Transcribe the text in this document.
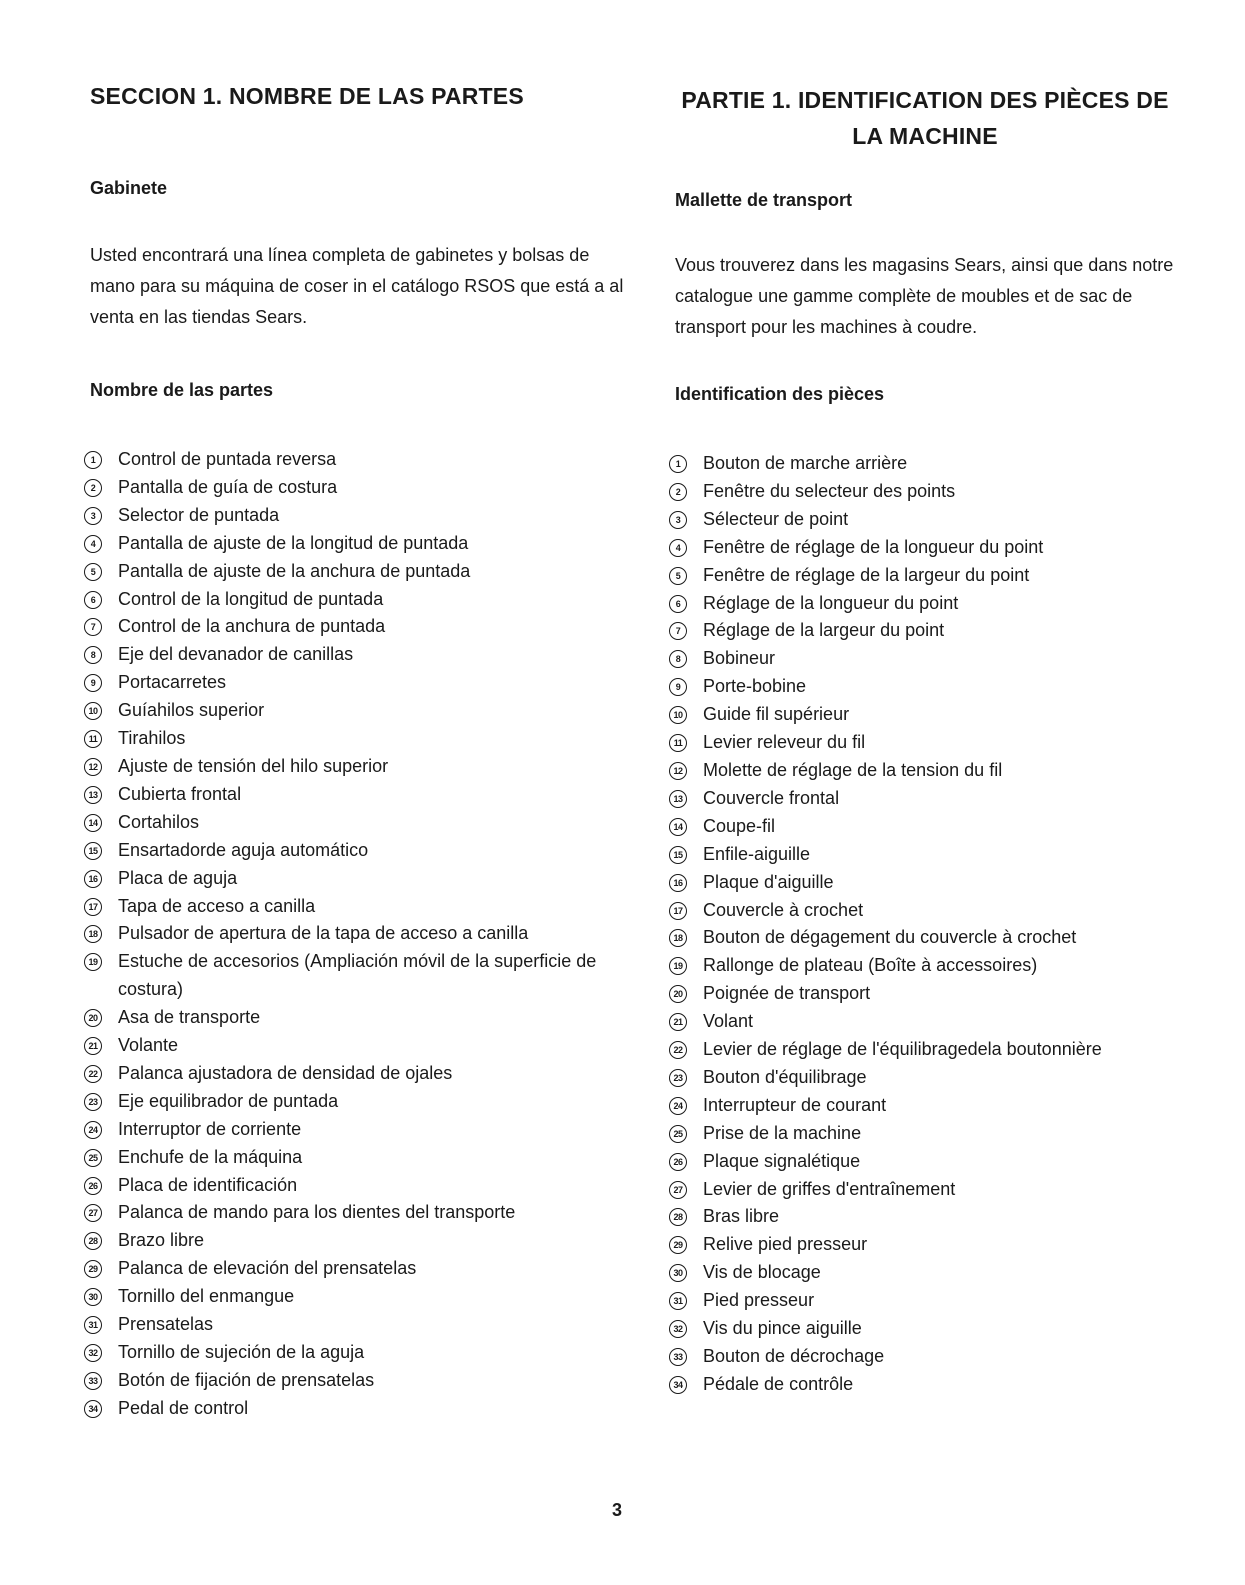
SECCION 1. NOMBRE DE LAS PARTES
Gabinete

Usted encontrará una línea completa de gabinetes y bolsas de mano para su máquina de coser in el catálogo RSOS que está a al venta en las tiendas Sears.

Nombre de las partes
1	Control de puntada reversa
2	Pantalla de guía de costura
3	Selector de puntada
4	Pantalla de ajuste de la longitud de puntada
5	Pantalla de ajuste de la anchura de puntada
6	Control de la longitud de puntada
7	Control de la anchura de puntada
8	Eje del devanador de canillas
9	Portacarretes
10 Guíahilos superior
11 Tirahilos
12 Ajuste de tensión del hilo superior
13 Cubierta frontal
14 Cortahilos
15 Ensartadorde aguja automático
16 Placa de aguja
17 Tapa de acceso a canilla
18 Pulsador de apertura de la tapa de acceso a canilla
19 Estuche de accesorios (Ampliación móvil de la superficie de costura)
20 Asa de transporte
21 Volante
22 Palanca ajustadora de densidad de ojales
23 Eje equilibrador de puntada
24 Interruptor de corriente
25 Enchufe de la máquina
26 Placa de identificación
27 Palanca de mando para los dientes del transporte
28 Brazo libre
29 Palanca de elevación del prensatelas
30 Tornillo del enmangue
31 Prensatelas
32 Tornillo de sujeción de la aguja
33 Botón de fijación de prensatelas
34 Pedal de control
PARTIE 1. IDENTIFICATION DES PIÈCES DE LA MACHINE
Mallette de transport

Vous trouverez dans les magasins Sears, ainsi que dans notre catalogue une gamme complète de moubles et de sac de transport pour les machines à coudre.

Identification des pièces
1	Bouton de marche arrière
2	Fenêtre du selecteur des points
3	Sélecteur de point
4	Fenêtre de réglage de la longueur du point
5	Fenêtre de réglage de la largeur du point
6	Réglage de la longueur du point
7	Réglage de la largeur du point
8	Bobineur
9	Porte-bobine
10 Guide fil supérieur
11 Levier releveur du fil
12 Molette de réglage de la tension du fil
13 Couvercle frontal
14 Coupe-fil
15 Enfile-aiguille
16 Plaque d'aiguille
17 Couvercle à crochet
18 Bouton de dégagement du couvercle à crochet
19 Rallonge de plateau (Boîte à accessoires)
20 Poignée de transport
21 Volant
22 Levier de réglage de l'équilibragedela boutonnière
23 Bouton d'équilibrage
24 Interrupteur de courant
25 Prise de la machine
26 Plaque signalétique
27 Levier de griffes d'entraînement
28 Bras libre
29 Relive pied presseur
30 Vis de blocage
31 Pied presseur
32 Vis du pince aiguille
33 Bouton de décrochage
34 Pédale de contrôle
3
